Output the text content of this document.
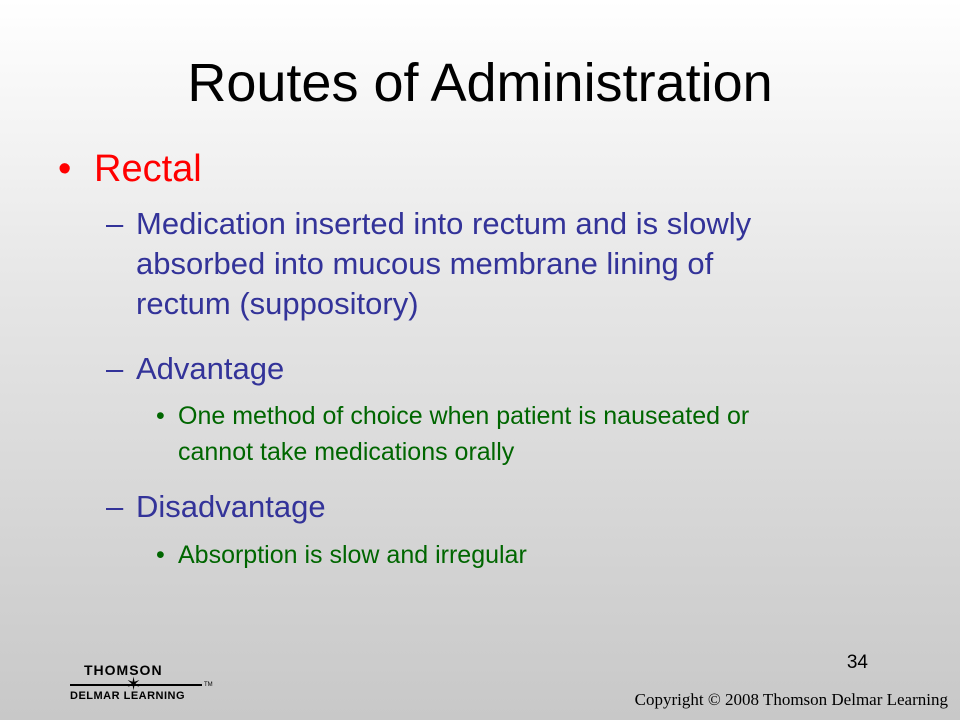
Routes of Administration
• Rectal
– Medication inserted into rectum and is slowly
absorbed into mucous membrane lining of
rectum (suppository)
– Advantage
• One method of choice when patient is nauseated or
cannot take medications orally
– Disadvantage
• Absorption is slow and irregular
34
THOMSON
✶
DELMAR LEARNING
TM
Copyright © 2008 Thomson Delmar Learning
